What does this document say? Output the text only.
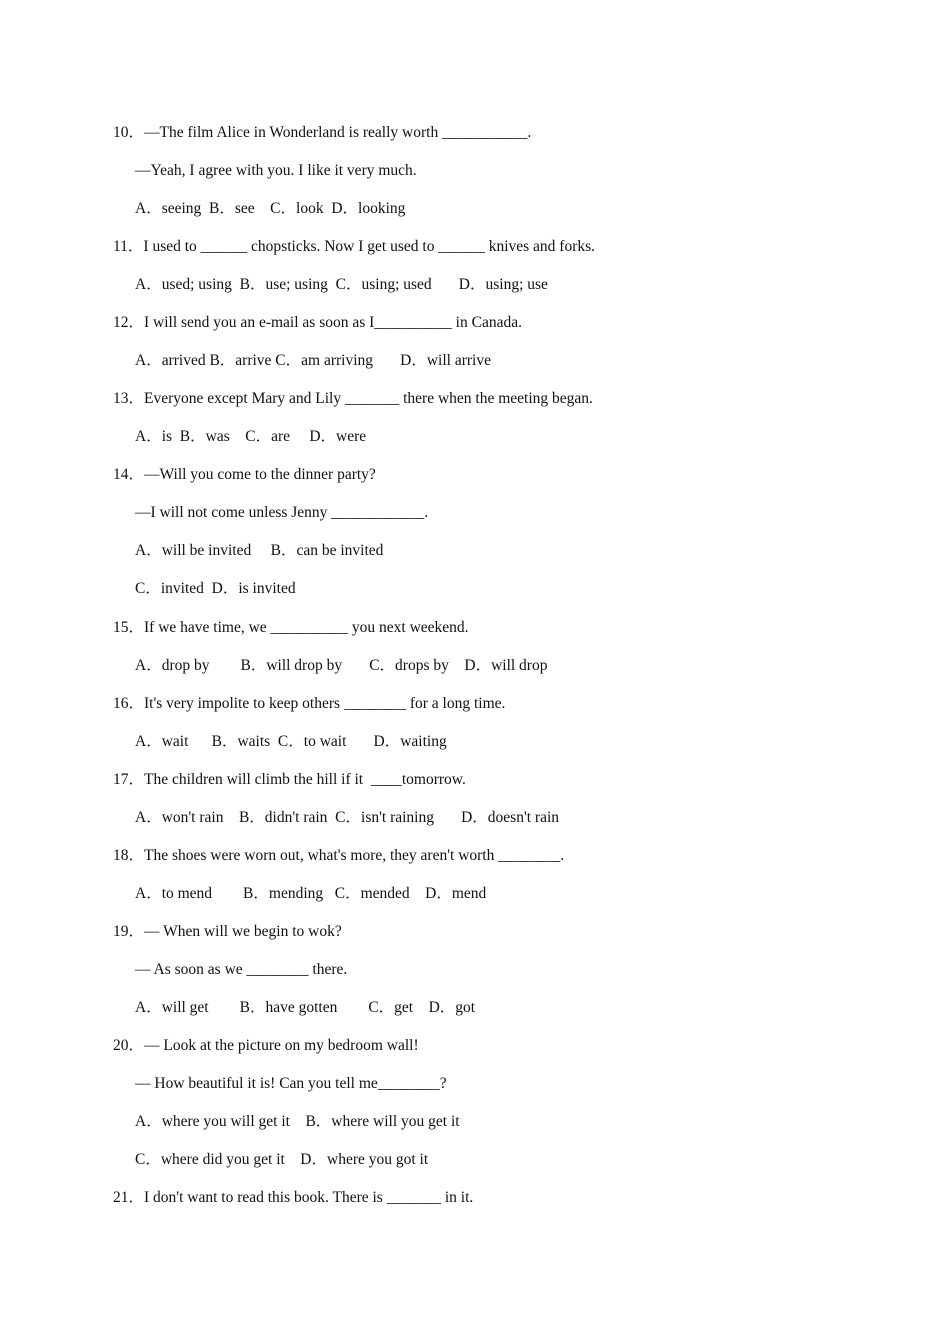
10．—The film Alice in Wonderland is really worth ___________.
—Yeah, I agree with you. I like it very much.
A．seeing  B．see    C．look  D．looking
11．I used to ______ chopsticks. Now I get used to ______ knives and forks.
A．used; using  B．use; using  C．using; used       D．using; use
12．I will send you an e-mail as soon as I__________ in Canada.
A．arrived B．arrive C．am arriving       D．will arrive
13．Everyone except Mary and Lily _______ there when the meeting began.
A．is  B．was    C．are     D．were
14．—Will you come to the dinner party?
—I will not come unless Jenny ____________.
A．will be invited     B．can be invited
C．invited  D．is invited
15．If we have time, we __________ you next weekend.
A．drop by        B．will drop by       C．drops by    D．will drop
16．It's very impolite to keep others ________ for a long time.
A．wait      B．waits  C．to wait       D．waiting
17．The children will climb the hill if it  ____tomorrow.
A．won't rain    B．didn't rain  C．isn't raining       D．doesn't rain
18．The shoes were worn out, what's more, they aren't worth ________.
A．to mend        B．mending   C．mended    D．mend
19．— When will we begin to wok?
— As soon as we ________ there.
A．will get        B．have gotten        C．get    D．got
20．— Look at the picture on my bedroom wall!
— How beautiful it is! Can you tell me________?
A．where you will get it    B．where will you get it
C．where did you get it    D．where you got it
21．I don't want to read this book. There is _______ in it.
